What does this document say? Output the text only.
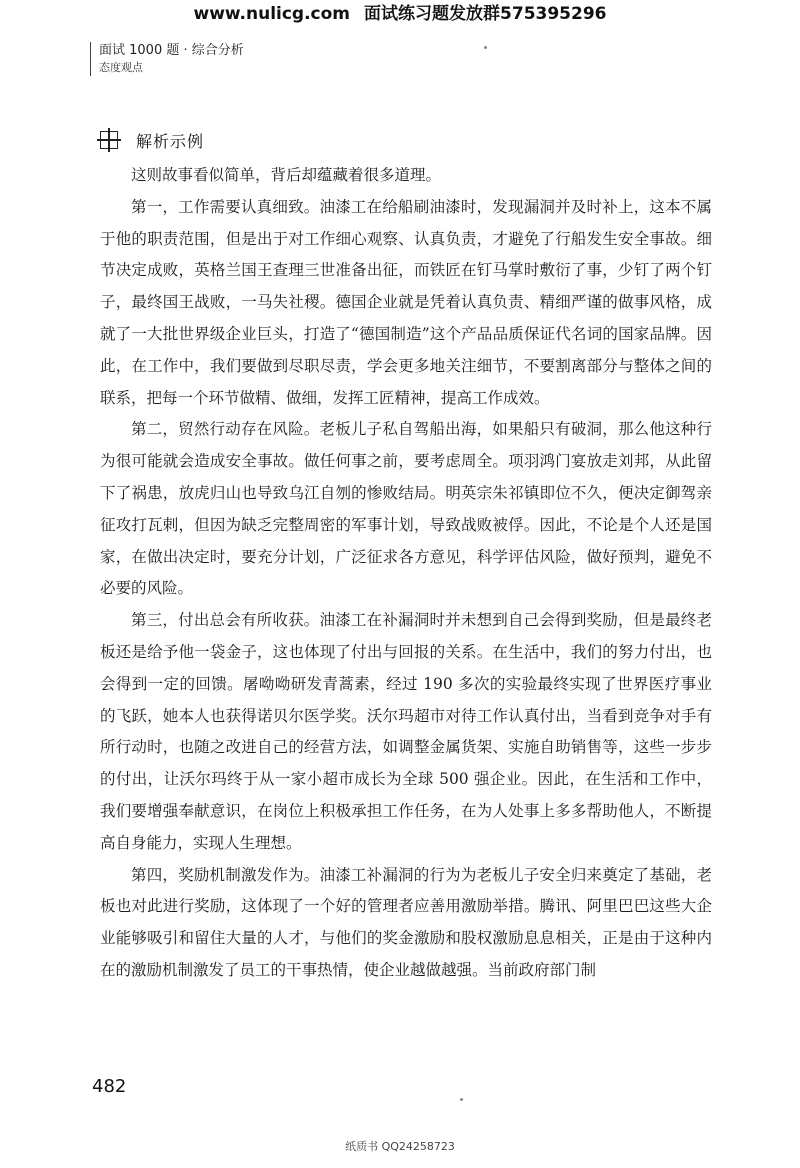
www.nulicg.com 面试练习题发放群575395296
面试 1000 题 · 综合分析
态度观点
解析示例

这则故事看似简单，背后却蕴藏着很多道理。

第一，工作需要认真细致。油漆工在给船刷油漆时，发现漏洞并及时补上，这本不属于他的职责范围，但是出于对工作细心观察、认真负责，才避免了行船发生安全事故。细节决定成败，英格兰国王查理三世准备出征，而铁匠在钉马掌时敷衍了事，少钉了两个钉子，最终国王战败，一马失社稷。德国企业就是凭着认真负责、精细严谨的做事风格，成就了一大批世界级企业巨头，打造了“德国制造”这个产品品质保证代名词的国家品牌。因此，在工作中，我们要做到尽职尽责，学会更多地关注细节，不要割离部分与整体之间的联系，把每一个环节做精、做细，发挥工匠精神，提高工作成效。

第二，贸然行动存在风险。老板儿子私自驾船出海，如果船只有破洞，那么他这种行为很可能就会造成安全事故。做任何事之前，要考虑周全。项羽鸿门宴放走刘邦，从此留下了祸患，放虎归山也导致乌江自刎的惨败结局。明英宗朱祁镇即位不久，便决定御驾亲征攻打瓦剌，但因为缺乏完整周密的军事计划，导致战败被俘。因此，不论是个人还是国家，在做出决定时，要充分计划，广泛征求各方意见，科学评估风险，做好预判，避免不必要的风险。

第三，付出总会有所收获。油漆工在补漏洞时并未想到自己会得到奖励，但是最终老板还是给予他一袋金子，这也体现了付出与回报的关系。在生活中，我们的努力付出，也会得到一定的回馈。屠呦呦研发青蒿素，经过 190 多次的实验最终实现了世界医疗事业的飞跃，她本人也获得诺贝尔医学奖。沃尔玛超市对待工作认真付出，当看到竞争对手有所行动时，也随之改进自己的经营方法，如调整金属货架、实施自助销售等，这些一步步的付出，让沃尔玛终于从一家小超市成长为全球 500 强企业。因此，在生活和工作中，我们要增强奉献意识，在岗位上积极承担工作任务，在为人处事上多多帮助他人，不断提高自身能力，实现人生理想。

第四，奖励机制激发作为。油漆工补漏洞的行为为老板儿子安全归来奠定了基础，老板也对此进行奖励，这体现了一个好的管理者应善用激励举措。腾讯、阿里巴巴这些大企业能够吸引和留住大量的人才，与他们的奖金激励和股权激励息息相关，正是由于这种内在的激励机制激发了员工的干事热情，使企业越做越强。当前政府部门制

482
纸质书 QQ24258723
